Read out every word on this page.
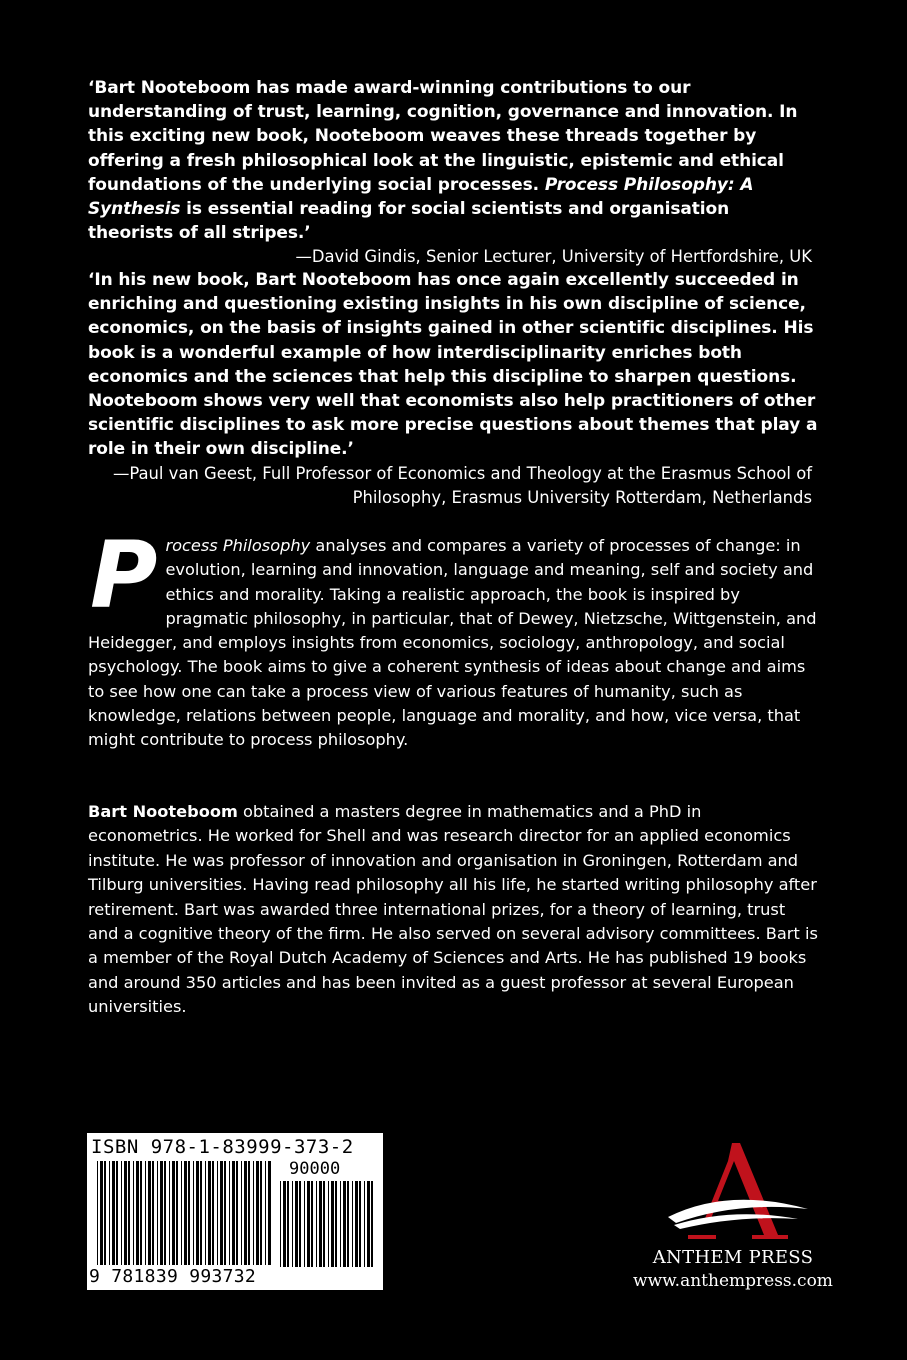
‘Bart Nooteboom has made award-winning contributions to our understanding of trust, learning, cognition, governance and innovation. In this exciting new book, Nooteboom weaves these threads together by offering a fresh philosophical look at the linguistic, epistemic and ethical foundations of the underlying social processes. Process Philosophy: A Synthesis is essential reading for social scientists and organisation theorists of all stripes.’

—David Gindis, Senior Lecturer, University of Hertfordshire, UK

‘In his new book, Bart Nooteboom has once again excellently succeeded in enriching and questioning existing insights in his own discipline of science, economics, on the basis of insights gained in other scientific disciplines. His book is a wonderful example of how interdisciplinarity enriches both economics and the sciences that help this discipline to sharpen questions. Nooteboom shows very well that economists also help practitioners of other scientific disciplines to ask more precise questions about themes that play a role in their own discipline.’

—Paul van Geest, Full Professor of Economics and Theology at the Erasmus School of

Philosophy, Erasmus University Rotterdam, Netherlands

Process Philosophy analyses and compares a variety of processes of change: in evolution, learning and innovation, language and meaning, self and society and ethics and morality. Taking a realistic approach, the book is inspired by pragmatic philosophy, in particular, that of Dewey, Nietzsche, Wittgenstein, and Heidegger, and employs insights from economics, sociology, anthropology, and social psychology. The book aims to give a coherent synthesis of ideas about change and aims to see how one can take a process view of various features of humanity, such as knowledge, relations between people, language and morality, and how, vice versa, that might contribute to process philosophy.

Bart Nooteboom obtained a masters degree in mathematics and a PhD in econometrics. He worked for Shell and was research director for an applied economics institute. He was professor of innovation and organisation in Groningen, Rotterdam and Tilburg universities. Having read philosophy all his life, he started writing philosophy after retirement. Bart was awarded three international prizes, for a theory of learning, trust and a cognitive theory of the firm. He also served on several advisory committees. Bart is a member of the Royal Dutch Academy of Sciences and Arts. He has published 19 books and around 350 articles and has been invited as a guest professor at several European universities.

ISBN 978-1-83999-373-2
90000
9 781839 993732
ANTHEM PRESS
www.anthempress.com
